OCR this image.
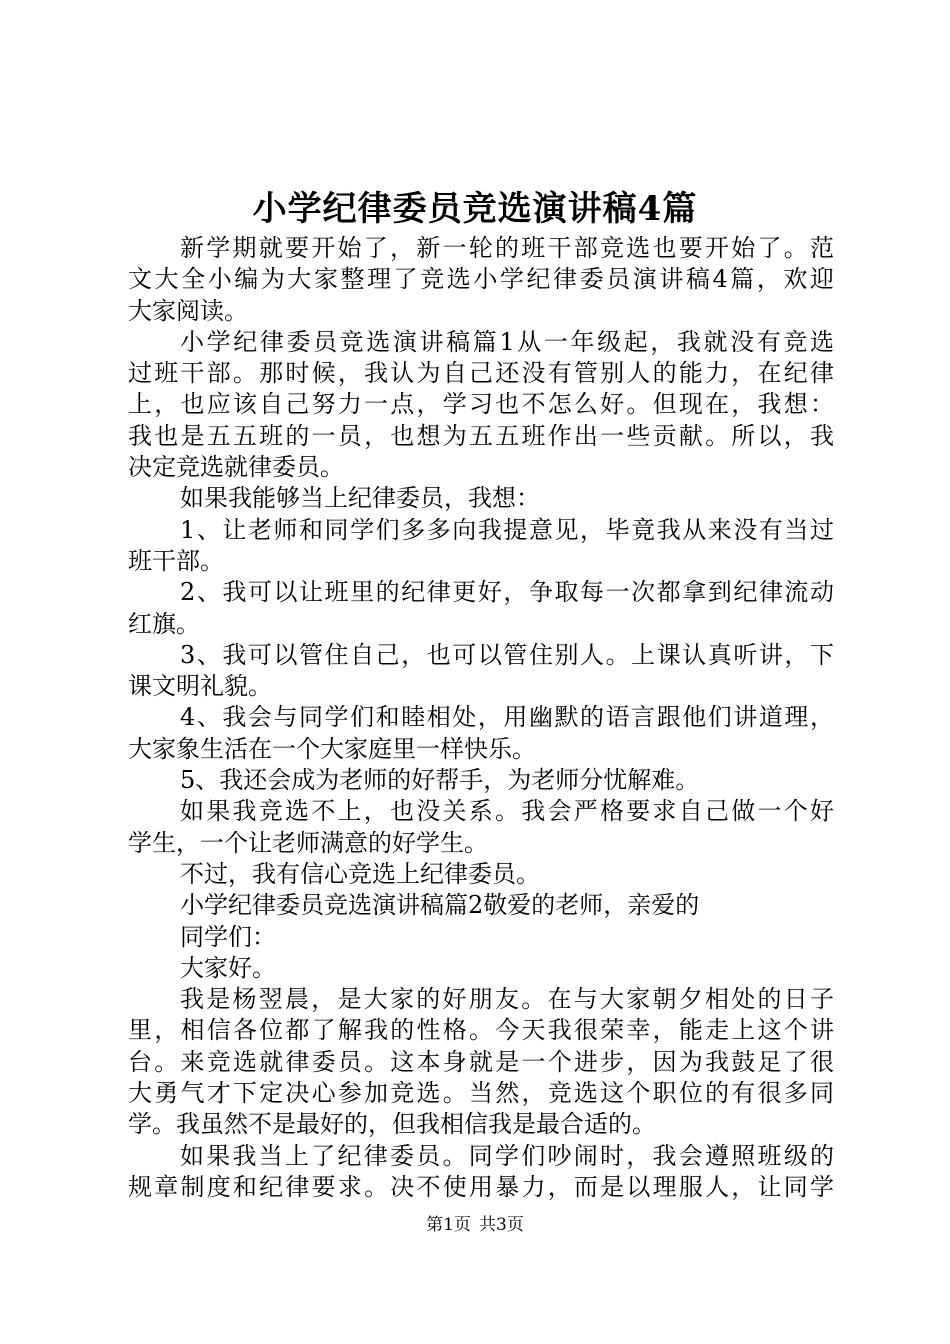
小学纪律委员竞选演讲稿4篇
新学期就要开始了，新一轮的班干部竞选也要开始了。范
文大全小编为大家整理了竞选小学纪律委员演讲稿4篇，欢迎
大家阅读。
小学纪律委员竞选演讲稿篇1从一年级起，我就没有竞选
过班干部。那时候，我认为自己还没有管别人的能力，在纪律
上，也应该自己努力一点，学习也不怎么好。但现在，我想：
我也是五五班的一员，也想为五五班作出一些贡献。所以，我
决定竞选就律委员。
如果我能够当上纪律委员，我想：
1、让老师和同学们多多向我提意见，毕竟我从来没有当过
班干部。
2、我可以让班里的纪律更好，争取每一次都拿到纪律流动
红旗。
3、我可以管住自己，也可以管住别人。上课认真听讲，下
课文明礼貌。
4、我会与同学们和睦相处，用幽默的语言跟他们讲道理，
大家象生活在一个大家庭里一样快乐。
5、我还会成为老师的好帮手，为老师分忧解难。
如果我竞选不上，也没关系。我会严格要求自己做一个好
学生，一个让老师满意的好学生。
不过，我有信心竞选上纪律委员。
小学纪律委员竞选演讲稿篇2敬爱的老师，亲爱的
同学们：
大家好。
我是杨翌晨，是大家的好朋友。在与大家朝夕相处的日子
里，相信各位都了解我的性格。今天我很荣幸，能走上这个讲
台。来竞选就律委员。这本身就是一个进步，因为我鼓足了很
大勇气才下定决心参加竞选。当然，竞选这个职位的有很多同
学。我虽然不是最好的，但我相信我是最合适的。
如果我当上了纪律委员。同学们吵闹时，我会遵照班级的
规章制度和纪律要求。决不使用暴力，而是以理服人，让同学
第1页 共3页
